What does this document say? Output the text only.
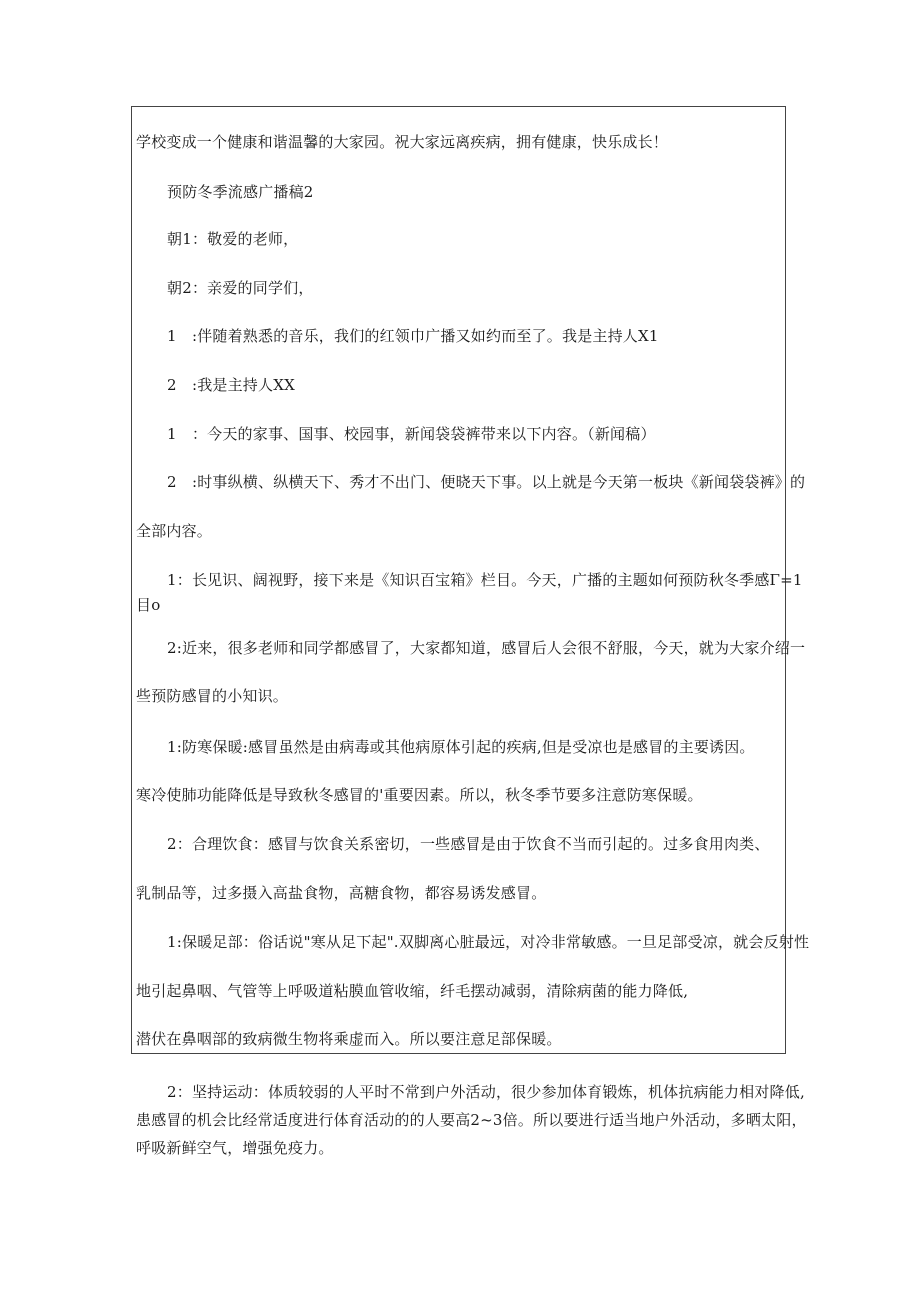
学校变成一个健康和谐温馨的大家园。祝大家远离疾病，拥有健康，快乐成长！
预防冬季流感广播稿2
朝1：敬爱的老师，
朝2：亲爱的同学们，
1　:伴随着熟悉的音乐，我们的红领巾广播又如约而至了。我是主持人X1
2　:我是主持人XX
1　：今天的家事、国事、校园事，新闻袋袋裤带来以下内容。（新闻稿）
2　:时事纵横、纵横天下、秀才不出门、便晓天下事。以上就是今天第一板块《新闻袋袋裤》的
全部内容。
1：长见识、阔视野，接下来是《知识百宝箱》栏目。今天，广播的主题如何预防秋冬季感Γ=1
目o
2:近来，很多老师和同学都感冒了，大家都知道，感冒后人会很不舒服，今天，就为大家介绍一
些预防感冒的小知识。
1:防寒保暖:感冒虽然是由病毒或其他病原体引起的疾病,但是受凉也是感冒的主要诱因。
寒冷使肺功能降低是导致秋冬感冒的'重要因素。所以，秋冬季节要多注意防寒保暖。
2：合理饮食：感冒与饮食关系密切，一些感冒是由于饮食不当而引起的。过多食用肉类、
乳制品等，过多摄入高盐食物，高糖食物，都容易诱发感冒。
1:保暖足部：俗话说"寒从足下起".双脚离心脏最远，对冷非常敏感。一旦足部受凉，就会反射性
地引起鼻咽、气管等上呼吸道粘膜血管收缩，纤毛摆动减弱，清除病菌的能力降低,
潜伏在鼻咽部的致病微生物将乘虚而入。所以要注意足部保暖。
2：坚持运动：体质较弱的人平时不常到户外活动，很少参加体育锻炼，机体抗病能力相对降低,
患感冒的机会比经常适度进行体育活动的的人要高2~3倍。所以要进行适当地户外活动，多晒太阳，
呼吸新鲜空气，增强免疫力。
